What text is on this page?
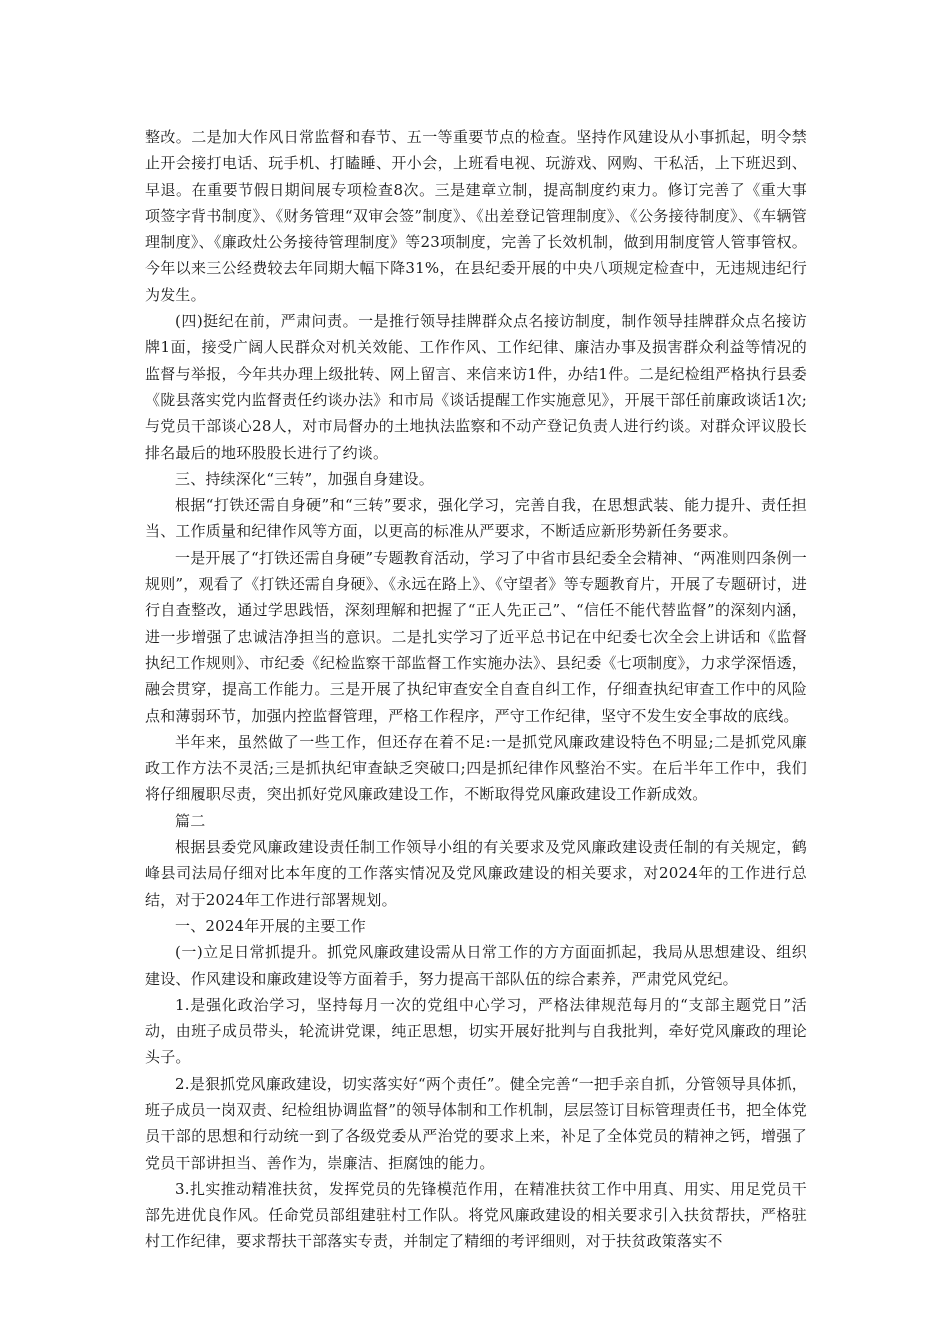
整改。二是加大作风日常监督和春节、五一等重要节点的检查。坚持作风建设从小事抓起，明令禁止开会接打电话、玩手机、打瞌睡、开小会，上班看电视、玩游戏、网购、干私活，上下班迟到、早退。在重要节假日期间展专项检查8次。三是建章立制，提高制度约束力。修订完善了《重大事项签字背书制度》、《财务管理“双审会签”制度》、《出差登记管理制度》、《公务接待制度》、《车辆管理制度》、《廉政灶公务接待管理制度》等23项制度，完善了长效机制，做到用制度管人管事管权。今年以来三公经费较去年同期大幅下降31%，在县纪委开展的中央八项规定检查中，无违规违纪行为发生。

(四)挺纪在前，严肃问责。一是推行领导挂牌群众点名接访制度，制作领导挂牌群众点名接访牌1面，接受广阔人民群众对机关效能、工作作风、工作纪律、廉洁办事及损害群众利益等情况的监督与举报，今年共办理上级批转、网上留言、来信来访1件，办结1件。二是纪检组严格执行县委《陇县落实党内监督责任约谈办法》和市局《谈话提醒工作实施意见》，开展干部任前廉政谈话1次;与党员干部谈心28人，对市局督办的土地执法监察和不动产登记负责人进行约谈。对群众评议股长排名最后的地环股股长进行了约谈。

三、持续深化“三转”，加强自身建设。

根据“打铁还需自身硬”和“三转”要求，强化学习，完善自我，在思想武装、能力提升、责任担当、工作质量和纪律作风等方面，以更高的标准从严要求，不断适应新形势新任务要求。

一是开展了“打铁还需自身硬”专题教育活动，学习了中省市县纪委全会精神、“两准则四条例一规则”，观看了《打铁还需自身硬》、《永远在路上》、《守望者》等专题教育片，开展了专题研讨，进行自查整改，通过学思践悟，深刻理解和把握了“正人先正己”、“信任不能代替监督”的深刻内涵，进一步增强了忠诚洁净担当的意识。二是扎实学习了近平总书记在中纪委七次全会上讲话和《监督执纪工作规则》、市纪委《纪检监察干部监督工作实施办法》、县纪委《七项制度》，力求学深悟透，融会贯穿，提高工作能力。三是开展了执纪审查安全自查自纠工作，仔细查执纪审查工作中的风险点和薄弱环节，加强内控监督管理，严格工作程序，严守工作纪律，坚守不发生安全事故的底线。

半年来，虽然做了一些工作，但还存在着不足:一是抓党风廉政建设特色不明显;二是抓党风廉政工作方法不灵活;三是抓执纪审查缺乏突破口;四是抓纪律作风整治不实。在后半年工作中，我们将仔细履职尽责，突出抓好党风廉政建设工作，不断取得党风廉政建设工作新成效。

篇二

根据县委党风廉政建设责任制工作领导小组的有关要求及党风廉政建设责任制的有关规定，鹤峰县司法局仔细对比本年度的工作落实情况及党风廉政建设的相关要求，对2024年的工作进行总结，对于2024年工作进行部署规划。

一、2024年开展的主要工作

(一)立足日常抓提升。抓党风廉政建设需从日常工作的方方面面抓起，我局从思想建设、组织建设、作风建设和廉政建设等方面着手，努力提高干部队伍的综合素养，严肃党风党纪。

1.是强化政治学习，坚持每月一次的党组中心学习，严格法律规范每月的“支部主题党日”活动，由班子成员带头，轮流讲党课，纯正思想，切实开展好批判与自我批判，牵好党风廉政的理论头子。

2.是狠抓党风廉政建设，切实落实好“两个责任”。健全完善“一把手亲自抓，分管领导具体抓，班子成员一岗双责、纪检组协调监督”的领导体制和工作机制，层层签订目标管理责任书，把全体党员干部的思想和行动统一到了各级党委从严治党的要求上来，补足了全体党员的精神之钙，增强了党员干部讲担当、善作为，崇廉洁、拒腐蚀的能力。

3.扎实推动精准扶贫，发挥党员的先锋模范作用，在精准扶贫工作中用真、用实、用足党员干部先进优良作风。任命党员部组建驻村工作队。将党风廉政建设的相关要求引入扶贫帮扶，严格驻村工作纪律，要求帮扶干部落实专责，并制定了精细的考评细则，对于扶贫政策落实不
